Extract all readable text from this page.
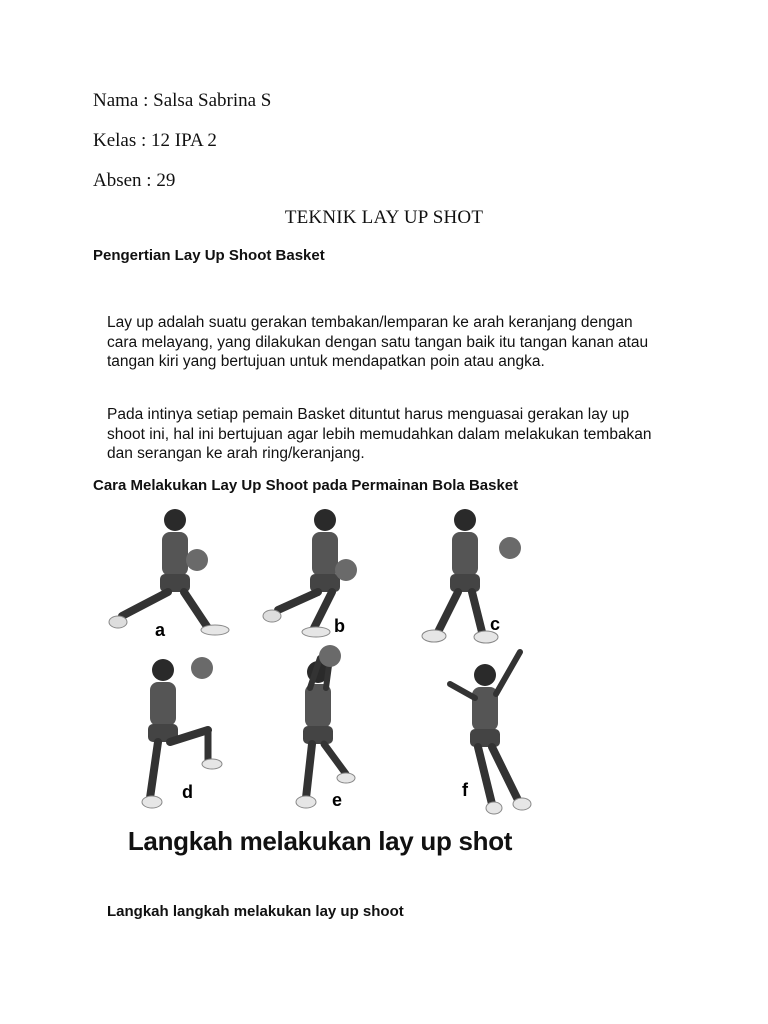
Nama : Salsa Sabrina S
Kelas : 12 IPA 2
Absen : 29
TEKNIK LAY UP SHOT
Pengertian Lay Up Shoot Basket
Lay up adalah suatu gerakan tembakan/lemparan ke arah keranjang dengan cara melayang, yang dilakukan dengan satu tangan baik itu tangan kanan atau tangan kiri yang bertujuan untuk mendapatkan poin atau angka.
Pada intinya setiap pemain Basket dituntut harus menguasai gerakan lay up shoot ini, hal ini bertujuan agar lebih memudahkan dalam melakukan tembakan dan serangan ke arah ring/keranjang.
Cara Melakukan Lay Up Shoot pada Permainan Bola Basket
a	b	c
d	e	f
Langkah melakukan lay up shot
Langkah langkah melakukan lay up shoot
